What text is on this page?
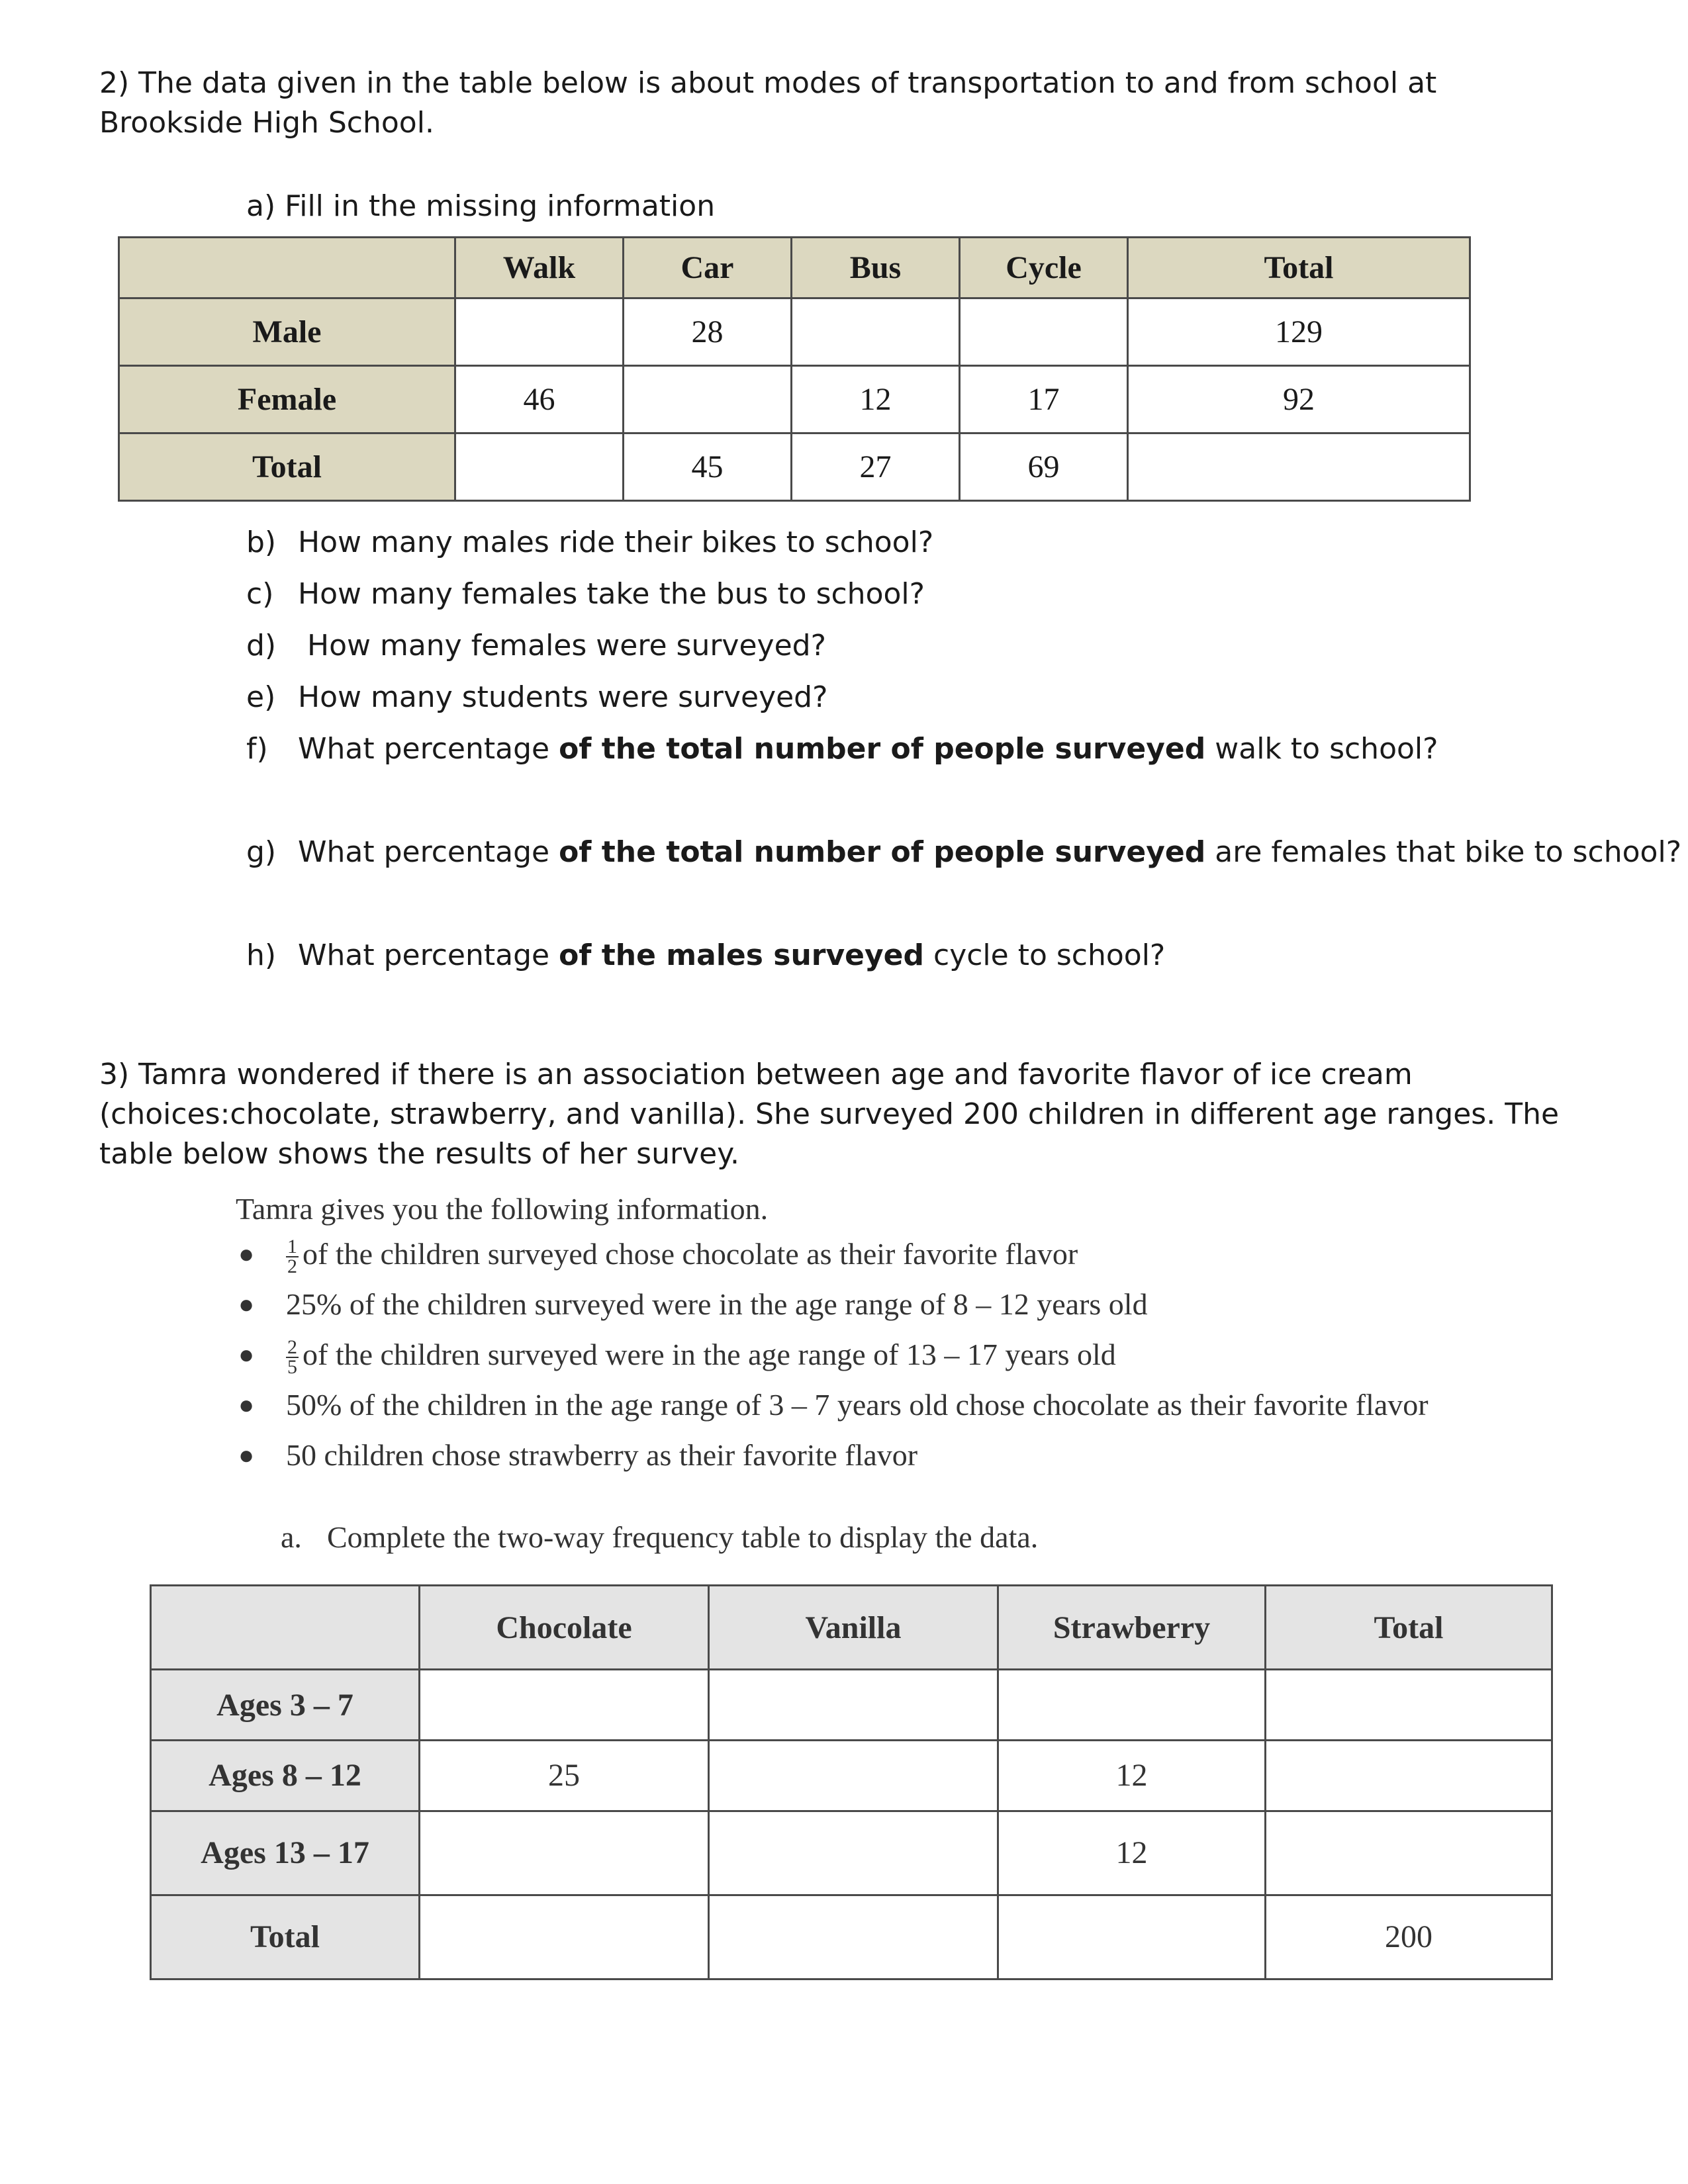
2) The data given in the table below is about modes of transportation to and from school at Brookside High School.
a) Fill in the missing information
	Walk	Car	Bus	Cycle	Total
Male		28			129
Female	46		12	17	92
Total		45	27	69	
b) How many males ride their bikes to school?
c) How many females take the bus to school?
d) How many females were surveyed?
e) How many students were surveyed?
f) What percentage of the total number of people surveyed walk to school?
g) What percentage of the total number of people surveyed are females that bike to school?
h) What percentage of the males surveyed cycle to school?
3) Tamra wondered if there is an association between age and favorite flavor of ice cream (choices:chocolate, strawberry, and vanilla). She surveyed 200 children in different age ranges. The table below shows the results of her survey.
Tamra gives you the following information.
● $\frac{1}{2}$ of the children surveyed chose chocolate as their favorite flavor
● 25% of the children surveyed were in the age range of 8 – 12 years old
● $\frac{2}{5}$ of the children surveyed were in the age range of 13 – 17 years old
● 50% of the children in the age range of 3 – 7 years old chose chocolate as their favorite flavor
● 50 children chose strawberry as their favorite flavor
a. Complete the two-way frequency table to display the data.
	Chocolate	Vanilla	Strawberry	Total
Ages 3 – 7				
Ages 8 – 12	25		12	
Ages 13 – 17			12	
Total				200
